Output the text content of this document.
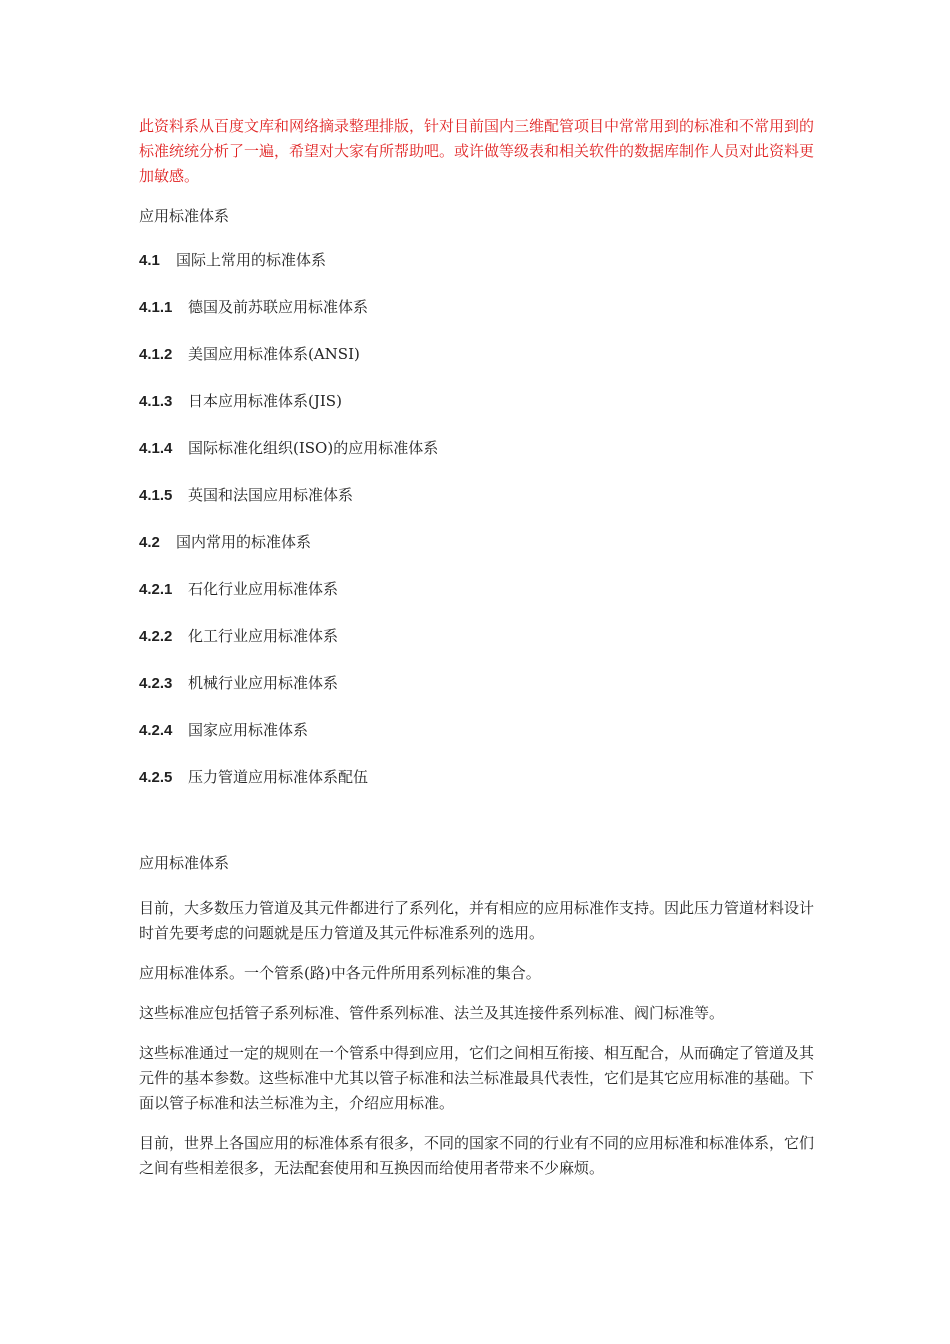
此资料系从百度文库和网络摘录整理排版，针对目前国内三维配管项目中常常用到的标准和不常用到的标准统统分析了一遍，希望对大家有所帮助吧。或许做等级表和相关软件的数据库制作人员对此资料更加敏感。

应用标准体系

4.1 国际上常用的标准体系
4.1.1 德国及前苏联应用标准体系
4.1.2 美国应用标准体系(ANSI)
4.1.3 日本应用标准体系(JIS)
4.1.4 国际标准化组织(ISO)的应用标准体系
4.1.5 英国和法国应用标准体系
4.2 国内常用的标准体系
4.2.1 石化行业应用标准体系
4.2.2 化工行业应用标准体系
4.2.3 机械行业应用标准体系
4.2.4 国家应用标准体系
4.2.5 压力管道应用标准体系配伍

应用标准体系

目前，大多数压力管道及其元件都进行了系列化，并有相应的应用标准作支持。因此压力管道材料设计时首先要考虑的问题就是压力管道及其元件标准系列的选用。

应用标准体系。一个管系(路)中各元件所用系列标准的集合。

这些标准应包括管子系列标准、管件系列标准、法兰及其连接件系列标准、阀门标准等。

这些标准通过一定的规则在一个管系中得到应用，它们之间相互衔接、相互配合，从而确定了管道及其元件的基本参数。这些标准中尤其以管子标准和法兰标准最具代表性，它们是其它应用标准的基础。下面以管子标准和法兰标准为主，介绍应用标准。

目前，世界上各国应用的标准体系有很多，不同的国家不同的行业有不同的应用标准和标准体系，它们之间有些相差很多，无法配套使用和互换因而给使用者带来不少麻烦。
